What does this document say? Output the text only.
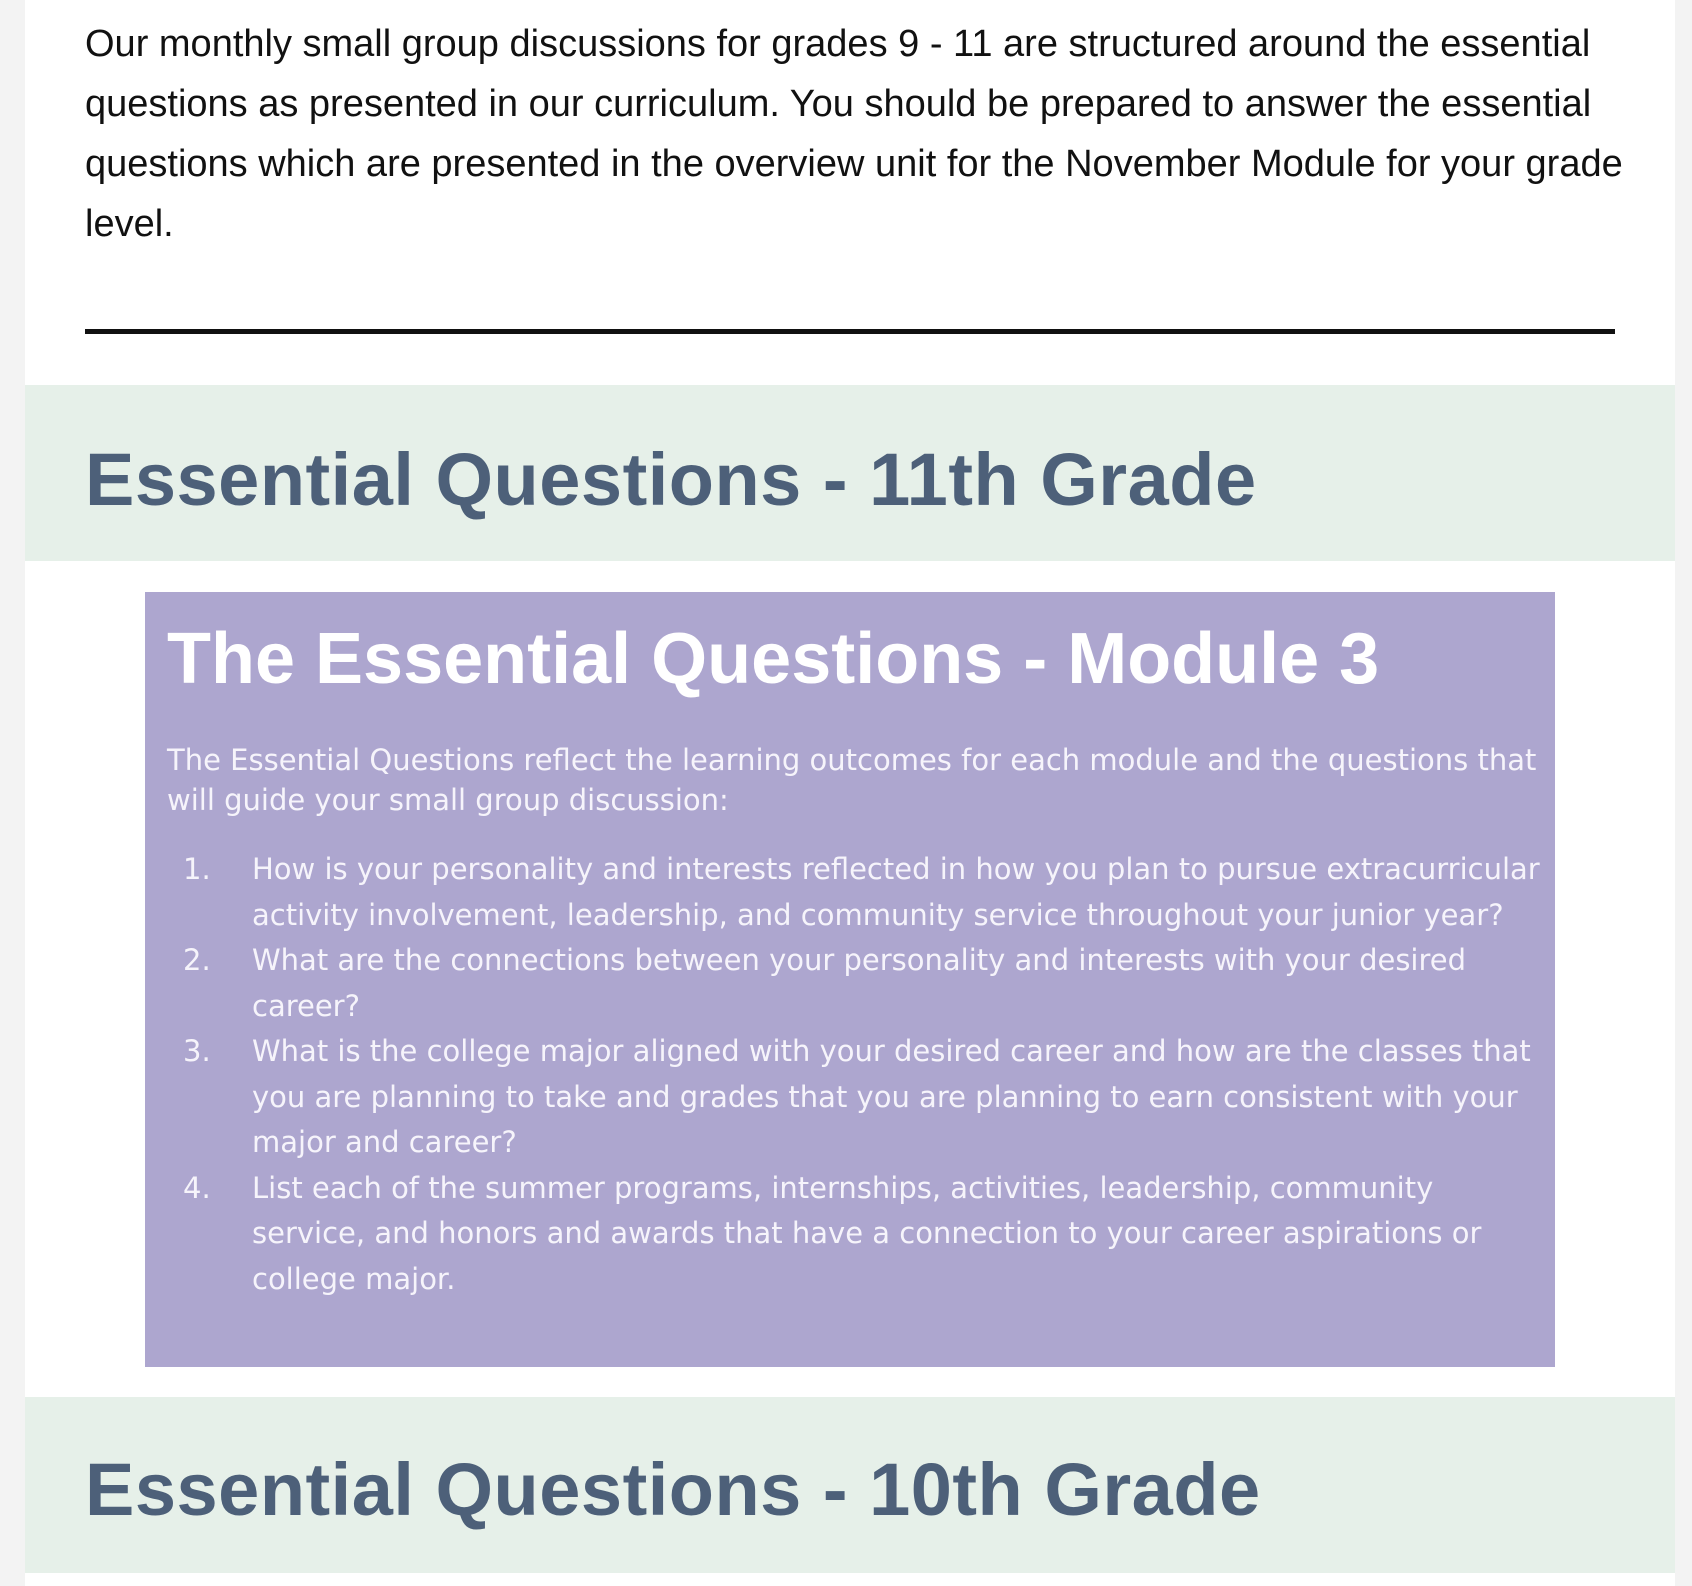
Our monthly small group discussions for grades 9 - 11 are structured around the essential questions as presented in our curriculum. You should be prepared to answer the essential questions which are presented in the overview unit for the November Module for your grade level.

Essential Questions - 11th Grade
The Essential Questions - Module 3

The Essential Questions reflect the learning outcomes for each module and the questions that will guide your small group discussion:

1. How is your personality and interests reflected in how you plan to pursue extracurricular activity involvement, leadership, and community service throughout your junior year?
2. What are the connections between your personality and interests with your desired career?
3. What is the college major aligned with your desired career and how are the classes that you are planning to take and grades that you are planning to earn consistent with your major and career?
4. List each of the summer programs, internships, activities, leadership, community service, and honors and awards that have a connection to your career aspirations or college major.
Essential Questions - 10th Grade
